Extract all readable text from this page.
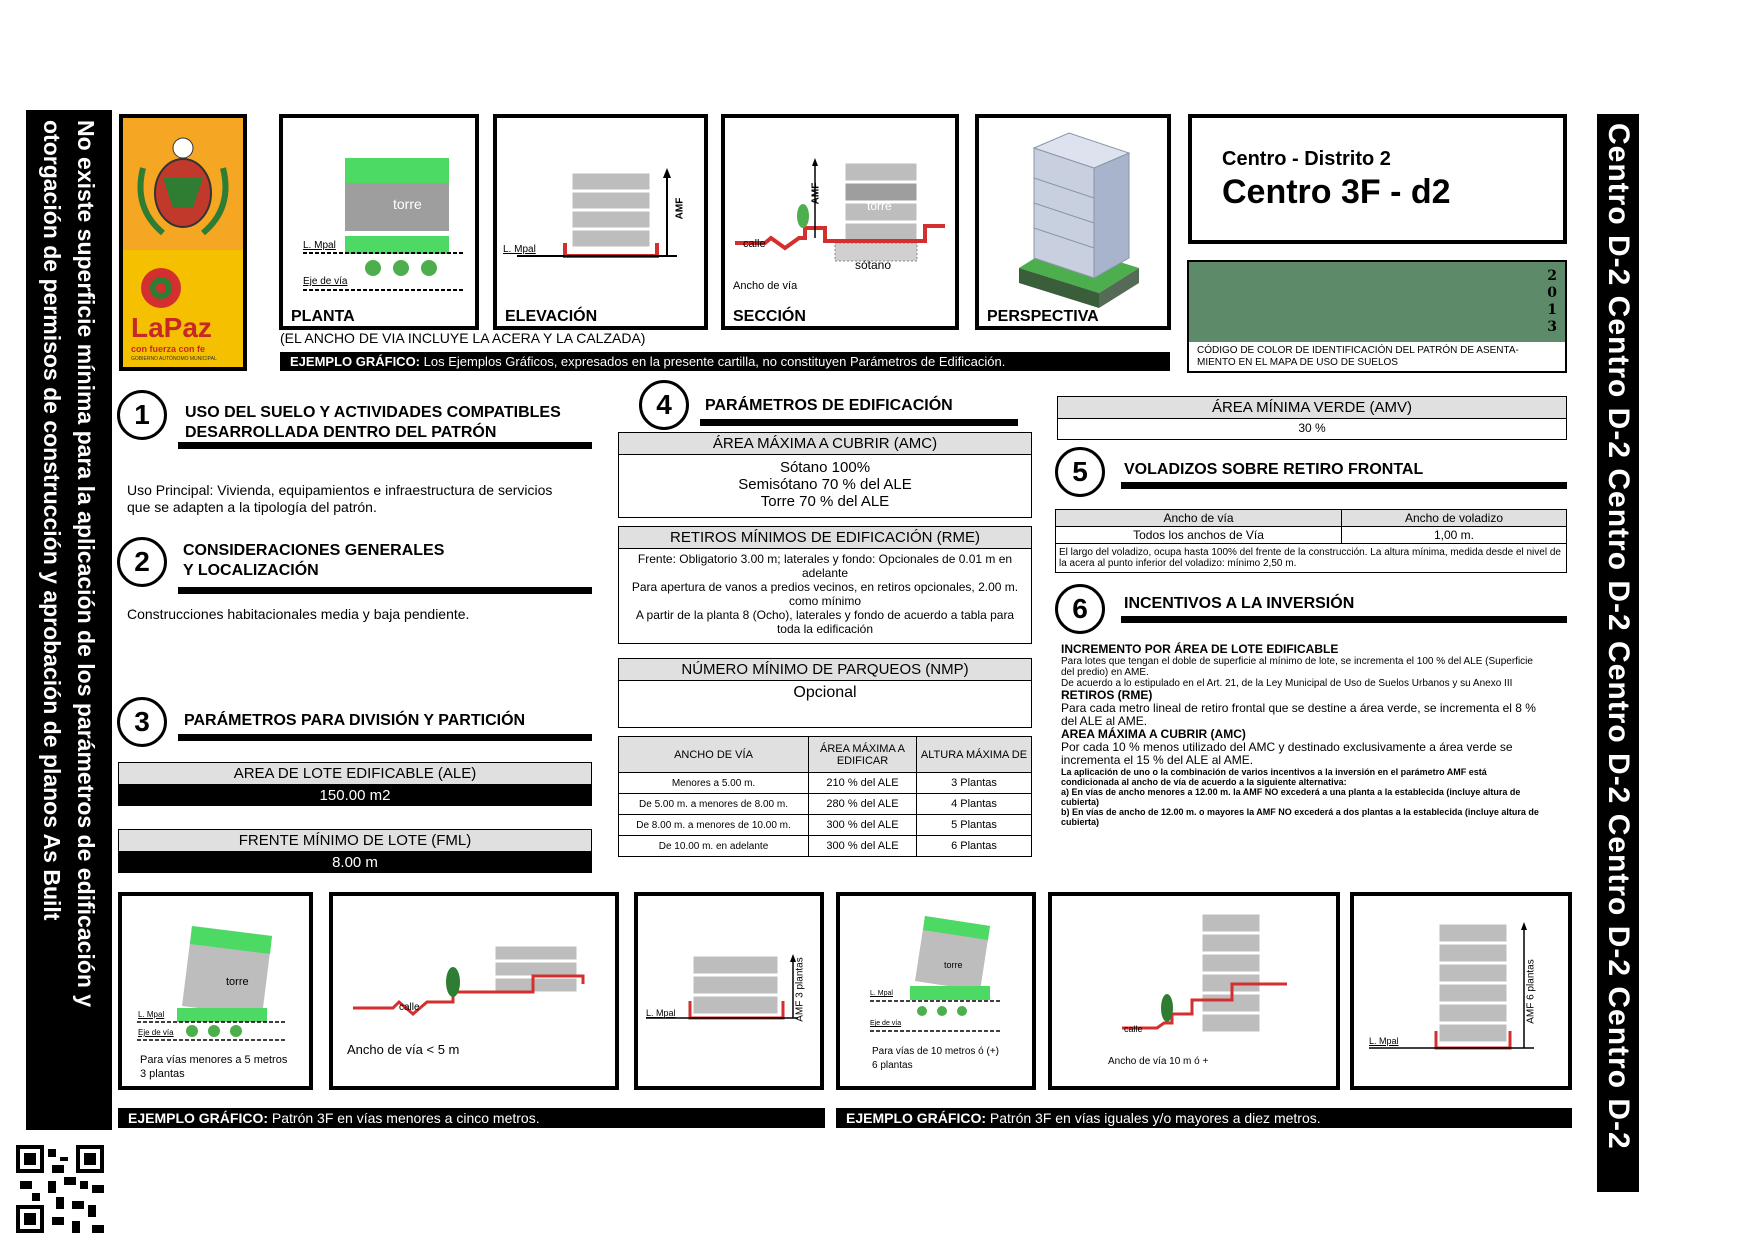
No existe superficie mínima para la aplicación de los parámetros de edificación y otorgación de permisos de construcción y aprobación de planos As Built	Centro D-2 Centro D-2 Centro D-2 Centro D-2 Centro D-2 Centro D-2
LaPaz
con fuerza con fe
GOBIERNO AUTÓNOMO MUNICIPAL
torre
L. Mpal
Eje de vía
PLANTA
AMF
L. Mpal
ELEVACIÓN
AMF
torre
sótano
calle
Ancho de vía
SECCIÓN	PERSPECTIVA
(EL ANCHO DE VIA INCLUYE LA ACERA Y LA CALZADA)
EJEMPLO GRÁFICO: Los Ejemplos Gráficos, expresados en la presente cartilla, no constituyen Parámetros de Edificación.
Centro - Distrito 2
Centro 3F - d2
2
0
1
3
CÓDIGO DE COLOR DE IDENTIFICACIÓN DEL PATRÓN DE ASENTA- MIENTO EN EL MAPA DE USO DE SUELOS
1	USO DEL SUELO Y ACTIVIDADES COMPATIBLES
DESARROLLADA DENTRO DEL PATRÓN
Uso Principal: Vivienda, equipamientos e infraestructura de servicios que se adapten a la tipología del patrón.
2	CONSIDERACIONES GENERALES
Y LOCALIZACIÓN
Construcciones habitacionales media y baja pendiente.
3	PARÁMETROS PARA DIVISIÓN Y PARTICIÓN
AREA DE LOTE EDIFICABLE (ALE)
150.00 m2
FRENTE MÍNIMO DE LOTE (FML)
8.00 m
4	PARÁMETROS DE EDIFICACIÓN
ÁREA MÁXIMA A CUBRIR (AMC)
Sótano 100%
Semisótano 70 % del ALE
Torre 70 % del ALE
RETIROS MÍNIMOS DE EDIFICACIÓN (RME)
Frente: Obligatorio 3.00 m; laterales y fondo: Opcionales de 0.01 m en adelante
Para apertura de vanos a predios vecinos, en retiros opcionales, 2.00 m. como mínimo
A partir de la planta 8 (Ocho), laterales y fondo de acuerdo a tabla para toda la edificación
NÚMERO MÍNIMO DE PARQUEOS (NMP)
Opcional
ANCHO DE VÍA	ÁREA MÁXIMA A EDIFICAR	ALTURA MÁXIMA DE
Menores a 5.00 m.	210 % del ALE	3 Plantas
De 5.00 m. a menores de 8.00 m.	280 % del ALE	4 Plantas
De 8.00 m. a menores de 10.00 m.	300 % del ALE	5 Plantas
De 10.00 m. en adelante	300 % del ALE	6 Plantas
ÁREA MÍNIMA VERDE (AMV)
30 %
5	VOLADIZOS SOBRE RETIRO FRONTAL
Ancho de vía	Ancho de voladizo
Todos los anchos de Vía	1,00 m.
El largo del voladizo, ocupa hasta 100% del frente de la construcción. La altura mínima, medida desde el nivel de la acera al punto inferior del voladizo: mínimo 2,50 m.	
6	INCENTIVOS A LA INVERSIÓN
INCREMENTO POR ÁREA DE LOTE EDIFICABLE
Para lotes que tengan el doble de superficie al mínimo de lote, se incrementa el 100 % del ALE (Superficie del predio) en AME.
De acuerdo a lo estipulado en el Art. 21, de la Ley Municipal de Uso de Suelos Urbanos y su Anexo III
RETIROS (RME)
Para cada metro lineal de retiro frontal que se destine a área verde, se incrementa el 8 % del ALE al AME.
AREA MÁXIMA A CUBRIR (AMC)
Por cada 10 % menos utilizado del AMC y destinado exclusivamente a área verde se incrementa el 15 % del ALE al AME.
La aplicación de uno o la combinación de varios incentivos a la inversión en el parámetro AMF está condicionada al ancho de vía de acuerdo a la siguiente alternativa:
a) En vías de ancho menores a 12.00 m. la AMF NO excederá a una planta a la establecida (incluye altura de cubierta)
b) En vías de ancho de 12.00 m. o mayores la AMF NO excederá a dos plantas a la establecida (incluye altura de cubierta)
torre
L. Mpal
Eje de vía
Para vías menores a 5 metros
3 plantas
calle
Ancho de vía < 5 m
L. Mpal	AMF 3 plantas	torre
L. Mpal
Eje de vía
Para vías de 10 metros ó (+)
6 plantas
calle
Ancho de vía 10 m ó +
L. Mpal
AMF 6 plantas
EJEMPLO GRÁFICO: Patrón 3F en vías menores a cinco metros.	EJEMPLO GRÁFICO: Patrón 3F en vías iguales y/o mayores a diez metros.
